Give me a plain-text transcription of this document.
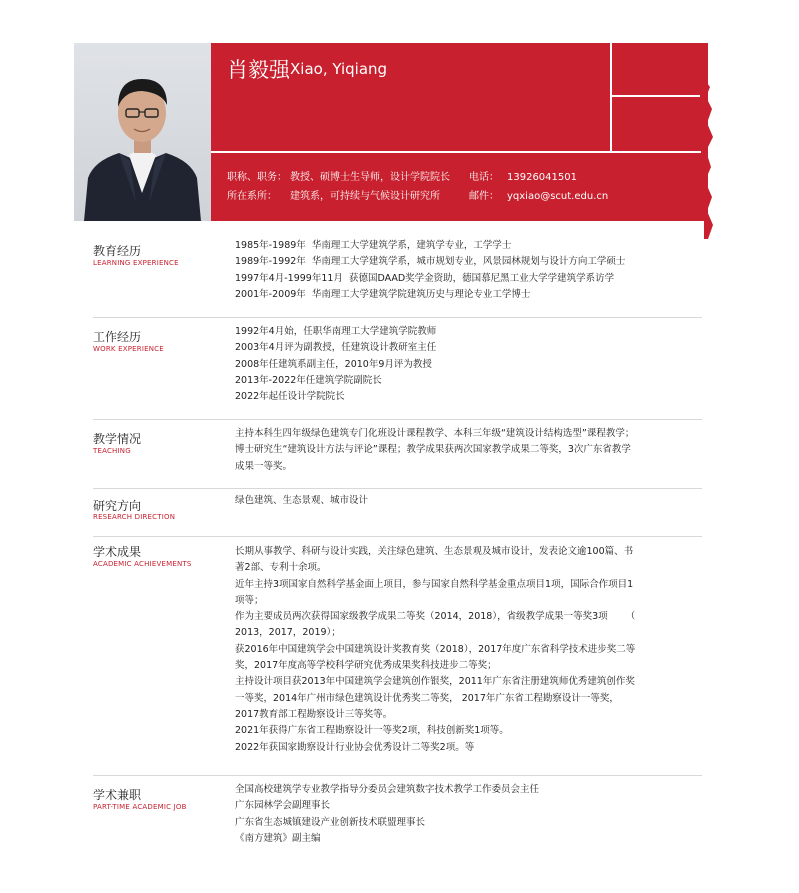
肖毅强 Xiao, Yiqiang
职称、职务： 教授、硕博士生导师，设计学院院长
所在系所： 建筑系，可持续与气候设计研究所
电话： 13926041501
邮件： yqxiao@scut.edu.cn
教育经历
LEARNING EXPERIENCE
1985年-1989年  华南理工大学建筑学系，建筑学专业，工学学士
1989年-1992年  华南理工大学建筑学系，城市规划专业，风景园林规划与设计方向工学硕士
1997年4月-1999年11月  获德国DAAD奖学金资助，德国慕尼黑工业大学学建筑学系访学
2001年-2009年  华南理工大学建筑学院建筑历史与理论专业工学博士
工作经历
WORK EXPERIENCE
1992年4月始，任职华南理工大学建筑学院教师
2003年4月评为副教授，任建筑设计教研室主任
2008年任建筑系副主任，2010年9月评为教授
2013年-2022年任建筑学院副院长
2022年起任设计学院院长
教学情况
TEACHING
主持本科生四年级绿色建筑专门化班设计课程教学、本科三年级“建筑设计结构选型”课程教学；
博士研究生“建筑设计方法与评论”课程；教学成果获两次国家教学成果二等奖，3次广东省教学
成果一等奖。
研究方向
RESEARCH DIRECTION
绿色建筑、生态景观、城市设计
学术成果
ACADEMIC ACHIEVEMENTS
长期从事教学、科研与设计实践，关注绿色建筑、生态景观及城市设计，发表论文逾100篇、书
著2部、专利十余项。
近年主持3项国家自然科学基金面上项目，参与国家自然科学基金重点项目1项，国际合作项目1
项等；
作为主要成员两次获得国家级教学成果二等奖（2014，2018），省级教学成果一等奖3项      （
2013，2017，2019）；
获2016年中国建筑学会中国建筑设计奖教育奖（2018），2017年度广东省科学技术进步奖二等
奖，2017年度高等学校科学研究优秀成果奖科技进步二等奖；
主持设计项目获2013年中国建筑学会建筑创作银奖，2011年广东省注册建筑师优秀建筑创作奖
一等奖，2014年广州市绿色建筑设计优秀奖二等奖， 2017年广东省工程勘察设计一等奖，
2017教育部工程勘察设计三等奖等。
2021年获得广东省工程勘察设计一等奖2项，科技创新奖1项等。
2022年获国家勘察设计行业协会优秀设计二等奖2项。等
学术兼职
PART-TIME ACADEMIC JOB
全国高校建筑学专业教学指导分委员会建筑数字技术教学工作委员会主任
广东园林学会副理事长
广东省生态城镇建设产业创新技术联盟理事长
《南方建筑》副主编
